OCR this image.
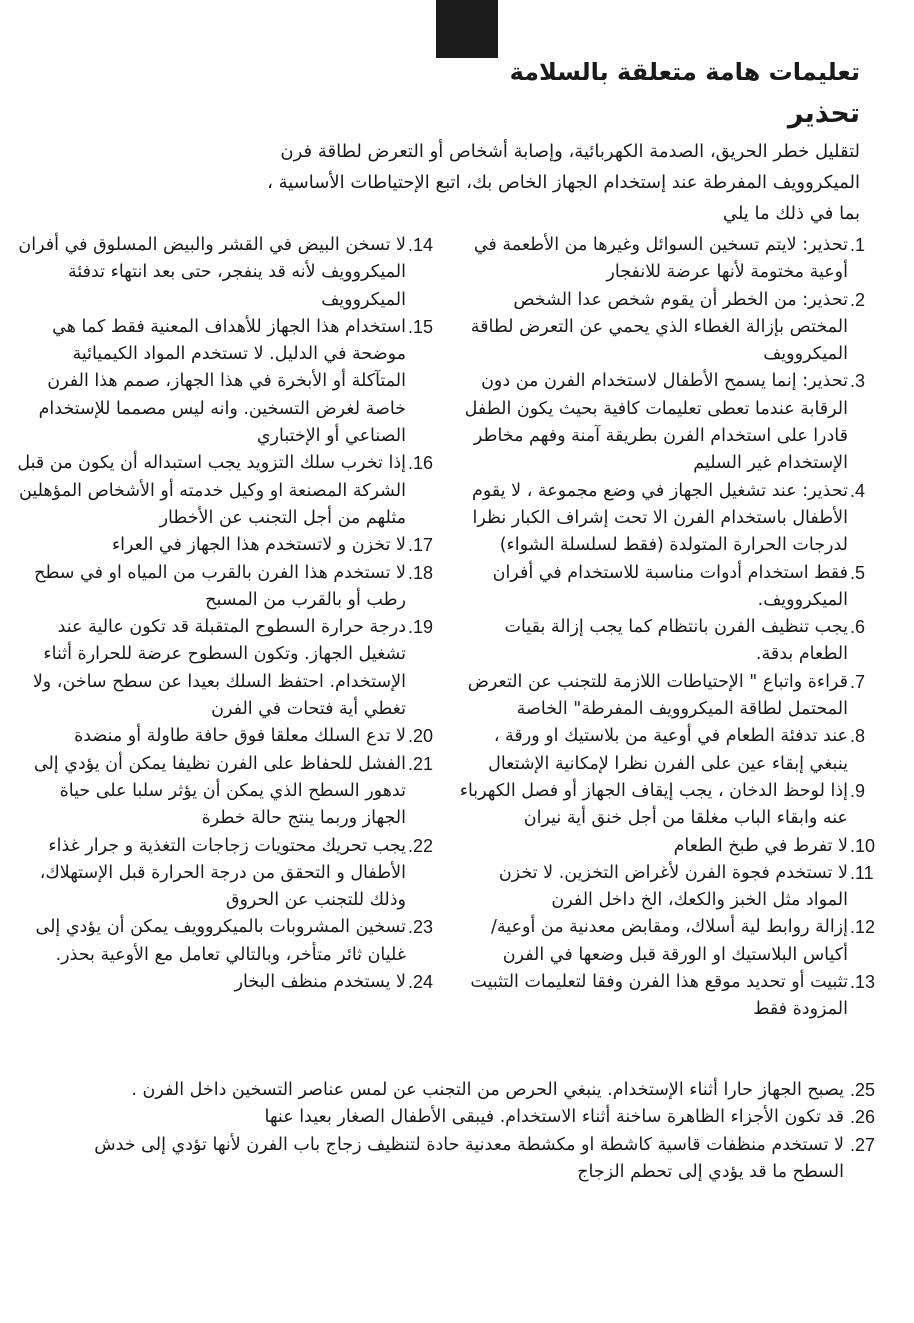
تعليمات هامة متعلقة بالسلامة
تحذير
لتقليل خطر الحريق، الصدمة الكهربائية، وإصابة أشخاص أو التعرض لطاقة فرن الميكروويف المفرطة عند إستخدام الجهاز الخاص بك، اتبع الإحتياطات الأساسية ، بما في ذلك ما يلي
.1
تحذير: لايتم تسخين السوائل وغيرها من الأطعمة في أوعية مختومة لأنها عرضة للانفجار
.2
تحذير: من الخطر أن يقوم شخص عدا الشخص المختص بإزالة الغطاء الذي يحمي عن التعرض لطاقة الميكروويف
.3
تحذير: إنما يسمح الأطفال لاستخدام الفرن من دون الرقابة عندما تعطى تعليمات كافية بحيث يكون الطفل قادرا على استخدام الفرن بطريقة آمنة وفهم مخاطر الإستخدام غير السليم
.4
تحذير: عند تشغيل الجهاز في وضع مجموعة ، لا يقوم الأطفال باستخدام الفرن الا تحت إشراف الكبار نظرا لدرجات الحرارة المتولدة (فقط لسلسلة الشواء)
.5
فقط استخدام أدوات مناسبة للاستخدام في أفران الميكروويف.
.6
يجب تنظيف الفرن بانتظام كما يجب إزالة بقيات الطعام بدقة.
.7
قراءة واتباع " الإحتياطات اللازمة للتجنب عن التعرض المحتمل لطاقة الميكروويف المفرطة" الخاصة
.8
عند تدفئة الطعام في أوعية من بلاستيك او ورقة ، ينبغي إبقاء عين على الفرن نظرا لإمكانية الإشتعال
.9
إذا لوحظ الدخان ، يجب إيقاف الجهاز أو فصل الكهرباء عنه وابقاء الباب مغلقا من أجل خنق أية نيران
.10
لا تفرط في طبخ الطعام
.11
لا تستخدم فجوة الفرن لأغراض التخزين. لا تخزن المواد مثل الخبز والكعك، الخ داخل الفرن
.12
إزالة روابط لية أسلاك، ومقابض معدنية من أوعية/ أكياس البلاستيك او الورقة قبل وضعها في الفرن
.13
تثبيت أو تحديد موقع هذا الفرن وفقا لتعليمات التثبيت المزودة فقط
.14
لا تسخن البيض في القشر والبيض المسلوق في أفران الميكروويف لأنه قد ينفجر، حتى بعد انتهاء تدفئة الميكروويف
.15
استخدام هذا الجهاز للأهداف المعنية فقط كما هي موضحة في الدليل. لا تستخدم المواد الكيميائية المتآكلة أو الأبخرة في هذا الجهاز، صمم هذا الفرن خاصة لغرض التسخين. وانه ليس مصمما للإستخدام الصناعي أو الإختباري
.16
إذا تخرب سلك التزويد يجب استبداله أن يكون من قبل الشركة المصنعة او وكيل خدمته أو الأشخاص المؤهلين مثلهم من أجل التجنب عن الأخطار
.17
لا تخزن و لاتستخدم هذا الجهاز في العراء
.18
لا تستخدم هذا الفرن بالقرب من المياه او في سطح رطب أو بالقرب من المسبح
.19
درجة حرارة السطوح المتقبلة قد تكون عالية عند تشغيل الجهاز. وتكون السطوح عرضة للحرارة أثناء الإستخدام. احتفظ السلك بعيدا عن سطح ساخن، ولا تغطي أية فتحات في الفرن
.20
لا تدع السلك معلقا فوق حافة طاولة أو منضدة
.21
الفشل للحفاظ على الفرن نظيفا يمكن أن يؤدي إلى تدهور السطح الذي يمكن أن يؤثر سلبا على حياة الجهاز وربما ينتج حالة خطرة
.22
يجب تحريك محتويات زجاجات التغذية و جرار غذاء الأطفال و التحقق من درجة الحرارة قبل الإستهلاك، وذلك للتجنب عن الحروق
.23
تسخين المشروبات بالميكروويف يمكن أن يؤدي إلى غليان ثائر متأخر، وبالتالي تعامل مع الأوعية بحذر.
.24
لا يستخدم منظف البخار
.25
يصبح الجهاز حارا أثناء الإستخدام. ينبغي الحرص من التجنب عن لمس عناصر التسخين داخل الفرن .
.26
قد تكون الأجزاء الظاهرة ساخنة أثناء الاستخدام. فيبقى الأطفال الصغار بعيدا عنها
.27
لا تستخدم منظفات قاسية كاشطة او مكشطة معدنية حادة لتنظيف زجاج باب الفرن لأنها تؤدي إلى خدش السطح ما قد يؤدي إلى تحطم الزجاج
